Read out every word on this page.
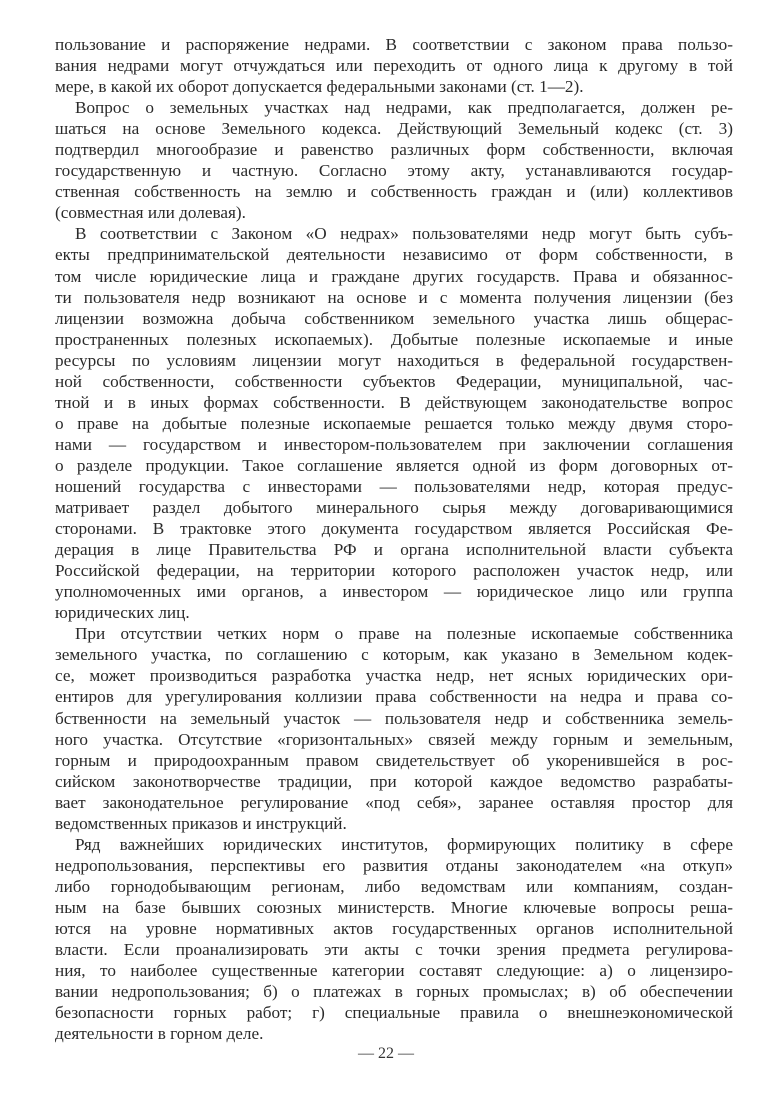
пользование и распоряжение недрами. В соответствии с законом права пользо-
вания недрами могут отчуждаться или переходить от одного лица к другому в той
мере, в какой их оборот допускается федеральными законами (ст. 1—2).
Вопрос о земельных участках над недрами, как предполагается, должен ре-
шаться на основе Земельного кодекса. Действующий Земельный кодекс (ст. 3)
подтвердил многообразие и равенство различных форм собственности, включая
государственную и частную. Согласно этому акту, устанавливаются государ-
ственная собственность на землю и собственность граждан и (или) коллективов
(совместная или долевая).
В соответствии с Законом «О недрах» пользователями недр могут быть субъ-
екты предпринимательской деятельности независимо от форм собственности, в
том числе юридические лица и граждане других государств. Права и обязаннос-
ти пользователя недр возникают на основе и с момента получения лицензии (без
лицензии возможна добыча собственником земельного участка лишь общерас-
пространенных полезных ископаемых). Добытые полезные ископаемые и иные
ресурсы по условиям лицензии могут находиться в федеральной государствен-
ной собственности, собственности субъектов Федерации, муниципальной, час-
тной и в иных формах собственности. В действующем законодательстве вопрос
о праве на добытые полезные ископаемые решается только между двумя сторо-
нами — государством и инвестором-пользователем при заключении соглашения
о разделе продукции. Такое соглашение является одной из форм договорных от-
ношений государства с инвесторами — пользователями недр, которая предус-
матривает раздел добытого минерального сырья между договаривающимися
сторонами. В трактовке этого документа государством является Российская Фе-
дерация в лице Правительства РФ и органа исполнительной власти субъекта
Российской федерации, на территории которого расположен участок недр, или
уполномоченных ими органов, а инвестором — юридическое лицо или группа
юридических лиц.
При отсутствии четких норм о праве на полезные ископаемые собственника
земельного участка, по соглашению с которым, как указано в Земельном кодек-
се, может производиться разработка участка недр, нет ясных юридических ори-
ентиров для урегулирования коллизии права собственности на недра и права со-
бственности на земельный участок — пользователя недр и собственника земель-
ного участка. Отсутствие «горизонтальных» связей между горным и земельным,
горным и природоохранным правом свидетельствует об укоренившейся в рос-
сийском законотворчестве традиции, при которой каждое ведомство разрабаты-
вает законодательное регулирование «под себя», заранее оставляя простор для
ведомственных приказов и инструкций.
Ряд важнейших юридических институтов, формирующих политику в сфере
недропользования, перспективы его развития отданы законодателем «на откуп»
либо горнодобывающим регионам, либо ведомствам или компаниям, создан-
ным на базе бывших союзных министерств. Многие ключевые вопросы реша-
ются на уровне нормативных актов государственных органов исполнительной
власти. Если проанализировать эти акты с точки зрения предмета регулирова-
ния, то наиболее существенные категории составят следующие: а) о лицензиро-
вании недропользования; б) о платежах в горных промыслах; в) об обеспечении
безопасности горных работ; г) специальные правила о внешнеэкономической
деятельности в горном деле.
— 22 —
